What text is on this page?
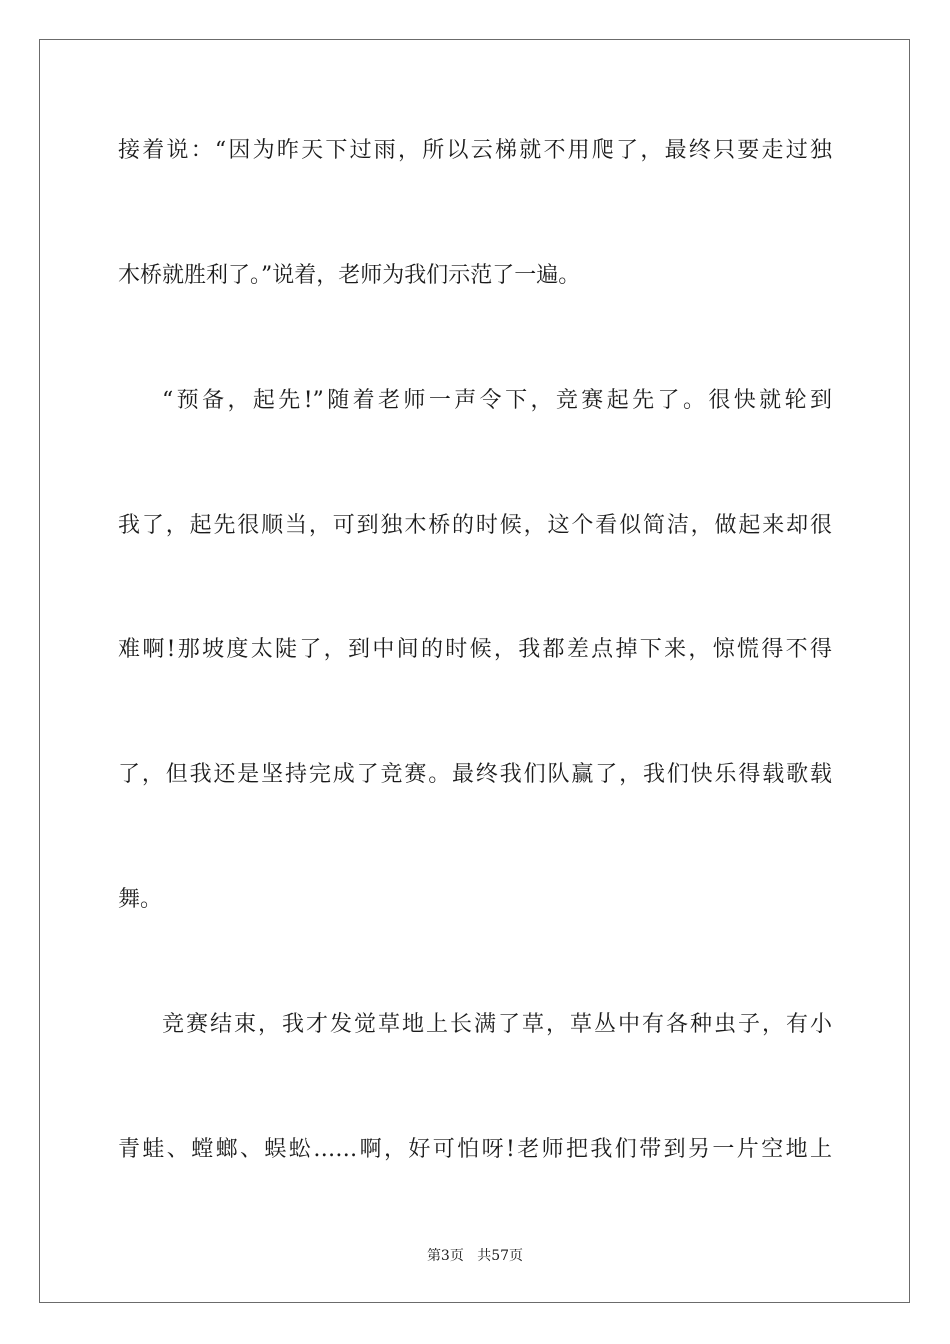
接着说：“因为昨天下过雨，所以云梯就不用爬了，最终只要走过独
木桥就胜利了。”说着，老师为我们示范了一遍。
“预备，起先!”随着老师一声令下，竞赛起先了。很快就轮到
我了，起先很顺当，可到独木桥的时候，这个看似简洁，做起来却很
难啊!那坡度太陡了，到中间的时候，我都差点掉下来，惊慌得不得
了，但我还是坚持完成了竞赛。最终我们队赢了，我们快乐得载歌载
舞。
竞赛结束，我才发觉草地上长满了草，草丛中有各种虫子，有小
青蛙、螳螂、蜈蚣……啊，好可怕呀!老师把我们带到另一片空地上
第3页 共57页
